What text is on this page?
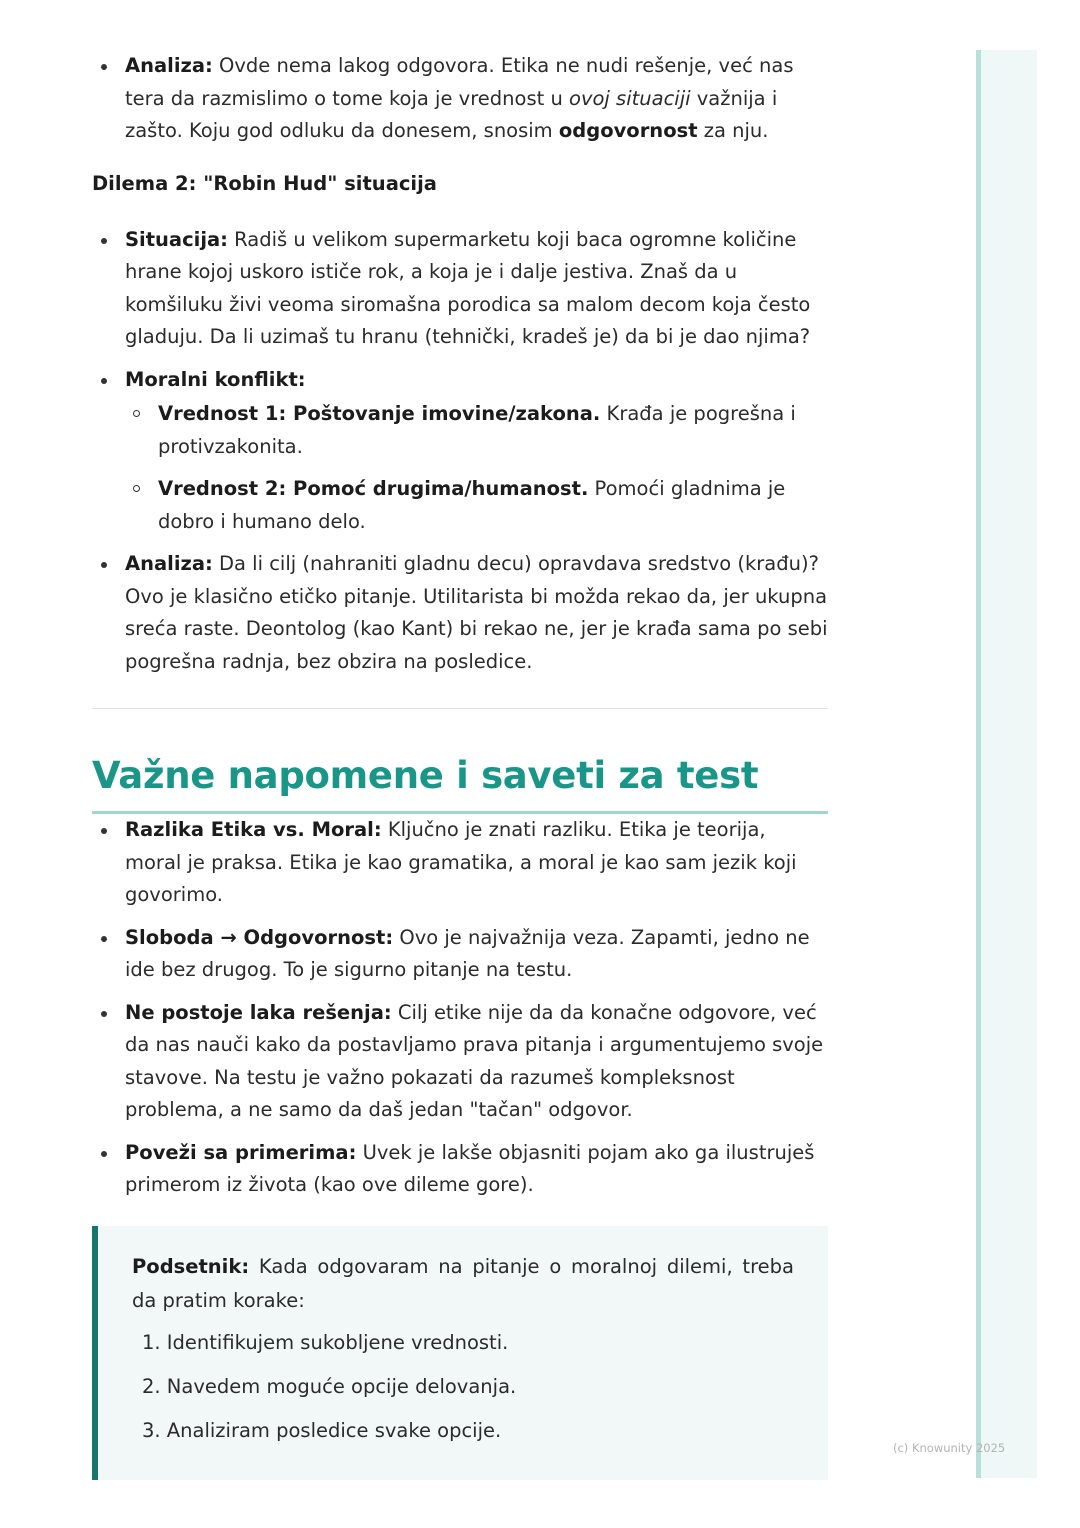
Analiza: Ovde nema lakog odgovora. Etika ne nudi rešenje, već nas tera da razmislimo o tome koja je vrednost u ovoj situaciji važnija i zašto. Koju god odluku da donesem, snosim odgovornost za nju.
Dilema 2: "Robin Hud" situacija
Situacija: Radiš u velikom supermarketu koji baca ogromne količine hrane kojoj uskoro ističe rok, a koja je i dalje jestiva. Znaš da u komšiluku živi veoma siromašna porodica sa malom decom koja često gladuju. Da li uzimaš tu hranu (tehnički, kradeš je) da bi je dao njima?
Moralni konflikt:
Vrednost 1: Poštovanje imovine/zakona. Krađa je pogrešna i protivzakonita.
Vrednost 2: Pomoć drugima/humanost. Pomoći gladnima je dobro i humano delo.
Analiza: Da li cilj (nahraniti gladnu decu) opravdava sredstvo (krađu)? Ovo je klasično etičko pitanje. Utilitarista bi možda rekao da, jer ukupna sreća raste. Deontolog (kao Kant) bi rekao ne, jer je krađa sama po sebi pogrešna radnja, bez obzira na posledice.
Važne napomene i saveti za test
Razlika Etika vs. Moral: Ključno je znati razliku. Etika je teorija, moral je praksa. Etika je kao gramatika, a moral je kao sam jezik koji govorimo.
Sloboda → Odgovornost: Ovo je najvažnija veza. Zapamti, jedno ne ide bez drugog. To je sigurno pitanje na testu.
Ne postoje laka rešenja: Cilj etike nije da da konačne odgovore, već da nas nauči kako da postavljamo prava pitanja i argumentujemo svoje stavove. Na testu je važno pokazati da razumeš kompleksnost problema, a ne samo da daš jedan "tačan" odgovor.
Poveži sa primerima: Uvek je lakše objasniti pojam ako ga ilustruješ primerom iz života (kao ove dileme gore).
Podsetnik: Kada odgovaram na pitanje o moralnoj dilemi, treba da pratim korake:
1. Identifikujem sukobljene vrednosti.
2. Navedem moguće opcije delovanja.
3. Analiziram posledice svake opcije.
(c) Knowunity 2025
